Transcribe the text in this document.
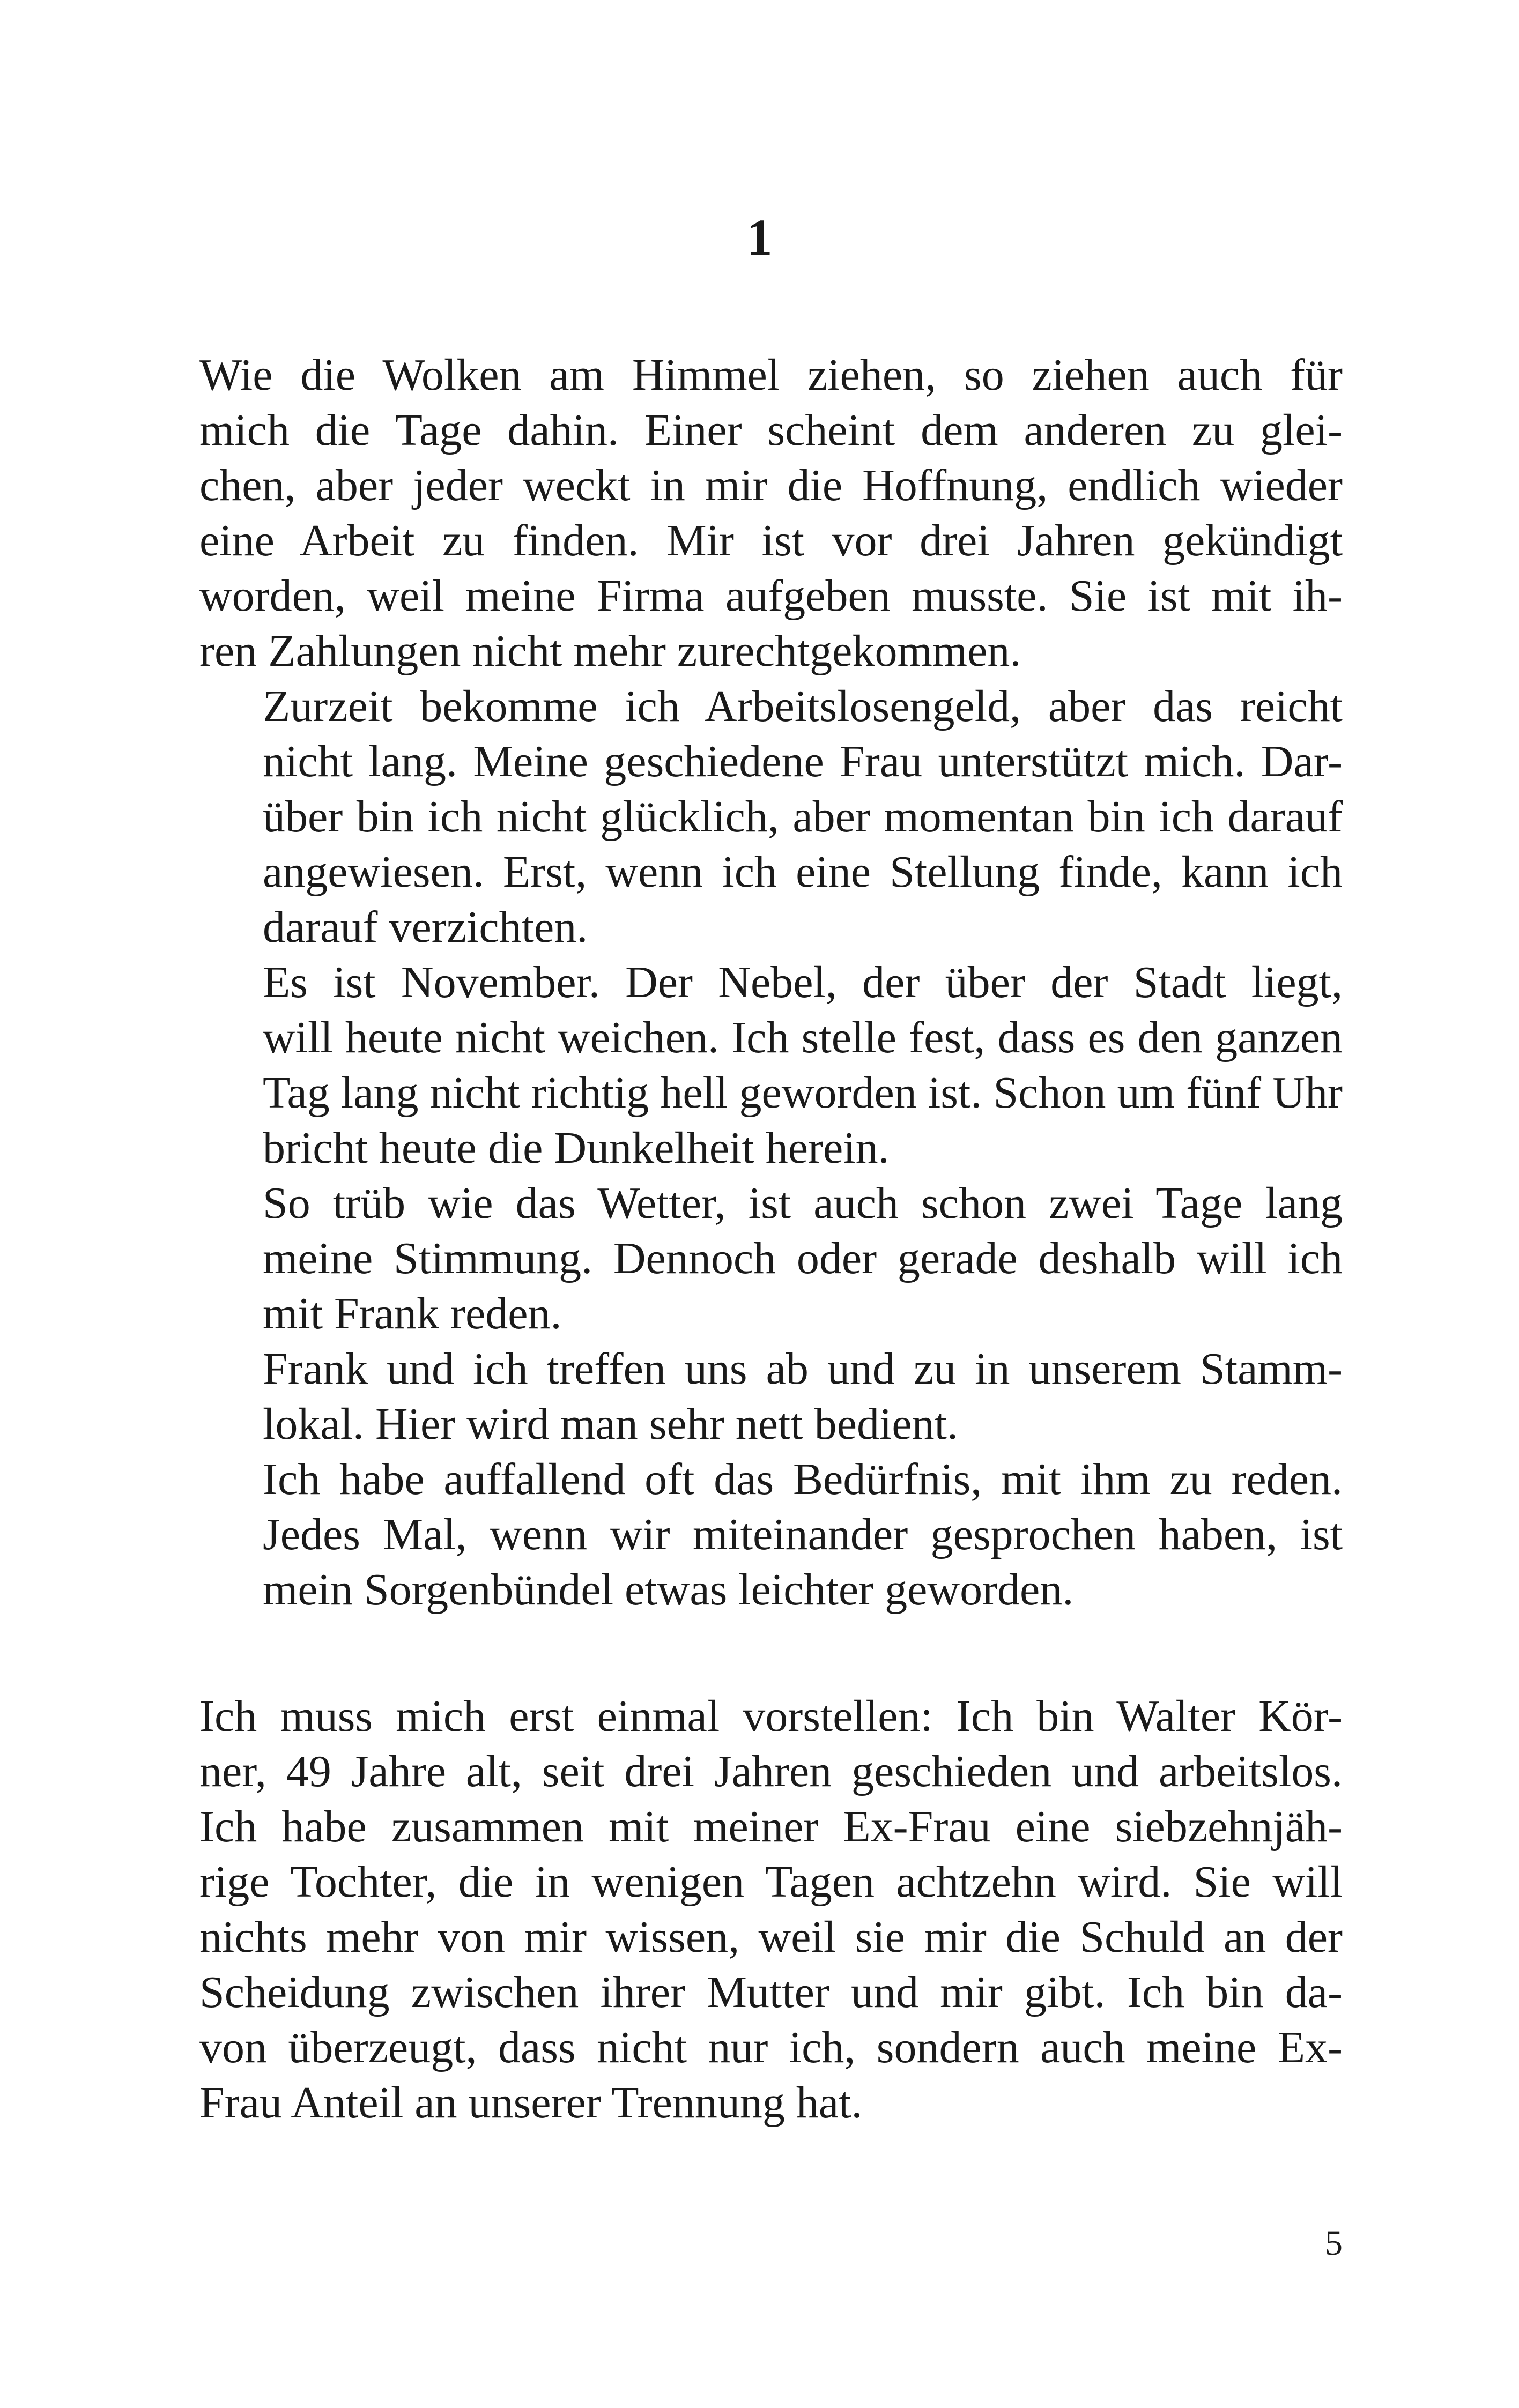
1

Wie die Wolken am Himmel ziehen, so ziehen auch für
mich die Tage dahin. Einer scheint dem anderen zu glei-
chen, aber jeder weckt in mir die Hoffnung, endlich wieder
eine Arbeit zu finden. Mir ist vor drei Jahren gekündigt
worden, weil meine Firma aufgeben musste. Sie ist mit ih-
ren Zahlungen nicht mehr zurechtgekommen.

Zurzeit bekomme ich Arbeitslosengeld, aber das reicht
nicht lang. Meine geschiedene Frau unterstützt mich. Dar-
über bin ich nicht glücklich, aber momentan bin ich darauf
angewiesen. Erst, wenn ich eine Stellung finde, kann ich
darauf verzichten.

Es ist November. Der Nebel, der über der Stadt liegt,
will heute nicht weichen. Ich stelle fest, dass es den ganzen
Tag lang nicht richtig hell geworden ist. Schon um fünf Uhr
bricht heute die Dunkelheit herein.

So trüb wie das Wetter, ist auch schon zwei Tage lang
meine Stimmung. Dennoch oder gerade deshalb will ich
mit Frank reden.

Frank und ich treffen uns ab und zu in unserem Stamm-
lokal. Hier wird man sehr nett bedient.

Ich habe auffallend oft das Bedürfnis, mit ihm zu reden.
Jedes Mal, wenn wir miteinander gesprochen haben, ist
mein Sorgenbündel etwas leichter geworden.

Ich muss mich erst einmal vorstellen: Ich bin Walter Kör-
ner, 49 Jahre alt, seit drei Jahren geschieden und arbeitslos.
Ich habe zusammen mit meiner Ex-Frau eine siebzehnjäh-
rige Tochter, die in wenigen Tagen achtzehn wird. Sie will
nichts mehr von mir wissen, weil sie mir die Schuld an der
Scheidung zwischen ihrer Mutter und mir gibt. Ich bin da-
von überzeugt, dass nicht nur ich, sondern auch meine Ex-
Frau Anteil an unserer Trennung hat.

5
